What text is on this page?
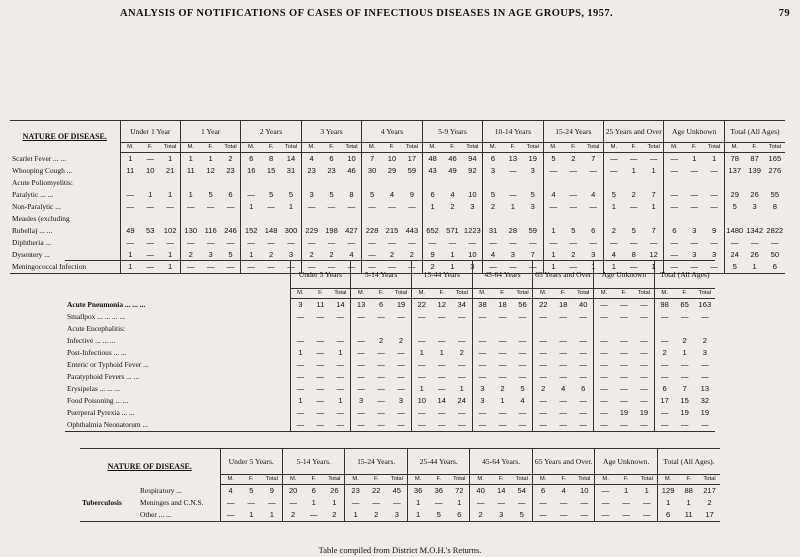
ANALYSIS OF NOTIFICATIONS OF CASES OF INFECTIOUS DISEASES IN AGE GROUPS, 1957.	79
NATURE OF DISEASE.	Under 1 Year			1 Year			2 Years			3 Years			4 Years			5-9 Years			10-14 Years			15-24 Years			25 Years and Over			Age Unknown			Total (All Ages)		
	M.	F.	Total	M.	F.	Total	M.	F.	Total	M.	F.	Total	M.	F.	Total	M.	F.	Total	M.	F.	Total	M.	F.	Total	M.	F.	Total	M.	F.	Total	M.	F.	Total
Scarlet Fever ... ...	1	—	1	1	1	2	6	8	14	4	6	10	7	10	17	48	46	94	6	13	19	5	2	7	—	—	—	—	1	1	78	87	165
Whooping Cough ...	11	10	21	11	12	23	16	15	31	23	23	46	30	29	59	43	49	92	3	—	3	—	—	—	—	1	1	—	—	—	137	139	276
Acute Poliomyelitis:																																	
Paralytic ... ...	—	1	1	1	5	6	—	5	5	3	5	8	5	4	9	6	4	10	5	—	5	4	—	4	5	2	7	—	—	—	29	26	55
Non-Paralytic ...	—	—	—	—	—	—	1	—	1	—	—	—	—	—	—	1	2	3	2	1	3	—	—	—	1	—	1	—	—	—	5	3	8
Measles (excluding																																	
Rubella) ... ...	49	53	102	130	116	246	152	148	300	229	198	427	228	215	443	652	571	1223	31	28	59	1	5	6	2	5	7	6	3	9	1480	1342	2822
Diphtheria ...	—	—	—	—	—	—	—	—	—	—	—	—	—	—	—	—	—	—	—	—	—	—	—	—	—	—	—	—	—	—	—	—	—
Dysentery ...	1	—	1	2	3	5	1	2	3	2	2	4	—	2	2	9	1	10	4	3	7	1	2	3	4	8	12	—	3	3	24	26	50
Meningococcal Infection	1	—	1	—	—	—	—	—	—	—	—	—	—	—	—	2	1	3	—	—	—	1	—	1	1	—	1	—	—	—	5	1	6
	Under 5 Years			5-14 Years			15-44 Years			45-64 Years			65 Years and Over			Age Unknown			Total (All Ages)		
	M.	F.	Total	M.	F.	Total	M.	F.	Total	M.	F.	Total	M.	F.	Total	M.	F.	Total	M.	F.	Total
Acute Pneumonia ... ... ...	3	11	14	13	6	19	22	12	34	38	18	56	22	18	40	—	—	—	98	65	163
Smallpox ... ... ... ...	—	—	—	—	—	—	—	—	—	—	—	—	—	—	—	—	—	—	—	—	—
Acute Encephalitis:																					
Infective ... ... ...	—	—	—	—	2	2	—	—	—	—	—	—	—	—	—	—	—	—	—	2	2
Post-Infectious ... ...	1	—	1	—	—	—	1	1	2	—	—	—	—	—	—	—	—	—	2	1	3
Enteric or Typhoid Fever ...	—	—	—	—	—	—	—	—	—	—	—	—	—	—	—	—	—	—	—	—	—
Paratyphoid Fevers ... ...	—	—	—	—	—	—	—	—	—	—	—	—	—	—	—	—	—	—	—	—	—
Erysipelas ... ... ...	—	—	—	—	—	—	1	—	1	3	2	5	2	4	6	—	—	—	6	7	13
Food Poisoning ... ...	1	—	1	3	—	3	10	14	24	3	1	4	—	—	—	—	—	—	17	15	32
Puerperal Pyrexia ... ...	—	—	—	—	—	—	—	—	—	—	—	—	—	—	—	—	19	19	—	19	19
Ophthalmia Neonatorum ...	—	—	—	—	—	—	—	—	—	—	—	—	—	—	—	—	—	—	—	—	—
NATURE OF DISEASE.		Under 5 Years.			5-14 Years.			15-24 Years.			25-44 Years.			45-64 Years.			65 Years and Over.			Age Unknown.			Total (All Ages).		
		M.	F.	Total	M.	F.	Total	M.	F.	Total	M.	F.	Total	M.	F.	Total	M.	F.	Total	M.	F.	Total	M.	F.	Total
Tuberculosis	Respiratory ...	4	5	9	20	6	26	23	22	45	36	36	72	40	14	54	6	4	10	—	1	1	129	88	217
	Meninges and C.N.S.	—	—	—	—	1	1	—	—	—	1	—	1	—	—	—	—	—	—	—	—	—	1	1	2
	Other ... ...	—	1	1	2	—	2	1	2	3	1	5	6	2	3	5	—	—	—	—	—	—	6	11	17
Table compiled from District M.O.H.'s Returns.
